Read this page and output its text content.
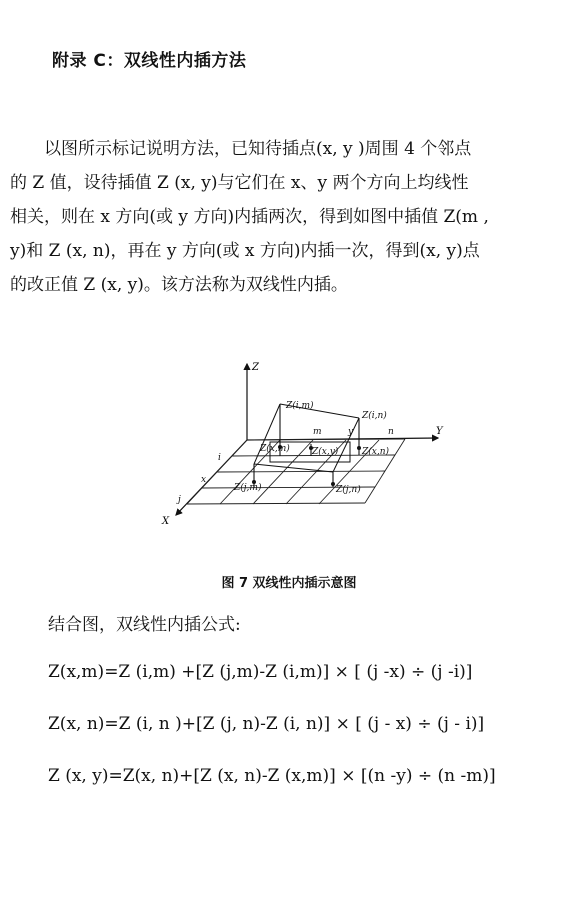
附录 C：双线性内插方法
　　以图所示标记说明方法，已知待插点(x, y )周围 4 个邻点
的 Z 值，设待插值 Z (x, y)与它们在 x、y 两个方向上均线性
相关，则在 x 方向(或 y 方向)内插两次，得到如图中插值 Z(m ,
y)和 Z (x, n)，再在 y 方向(或 x 方向)内插一次，得到(x, y)点
的改正值 Z (x, y)。该方法称为双线性内插。
Z
Y
X
Z(i,m)
Z(i,n)
m	y	n
Z(x,m) Z(x,y)	Z(x,n)
i
x
j
Z(j,m)	Z(j,n)
图 7 双线性内插示意图
结合图，双线性内插公式:
Z(x,m)=Z (i,m) +[Z (j,m)-Z (i,m)] × [ (j -x) ÷ (j -i)]
Z(x, n)=Z (i, n )+[Z (j, n)-Z (i, n)] × [ (j - x) ÷ (j - i)]
Z (x, y)=Z(x, n)+[Z (x, n)-Z (x,m)] × [(n -y) ÷ (n -m)]
